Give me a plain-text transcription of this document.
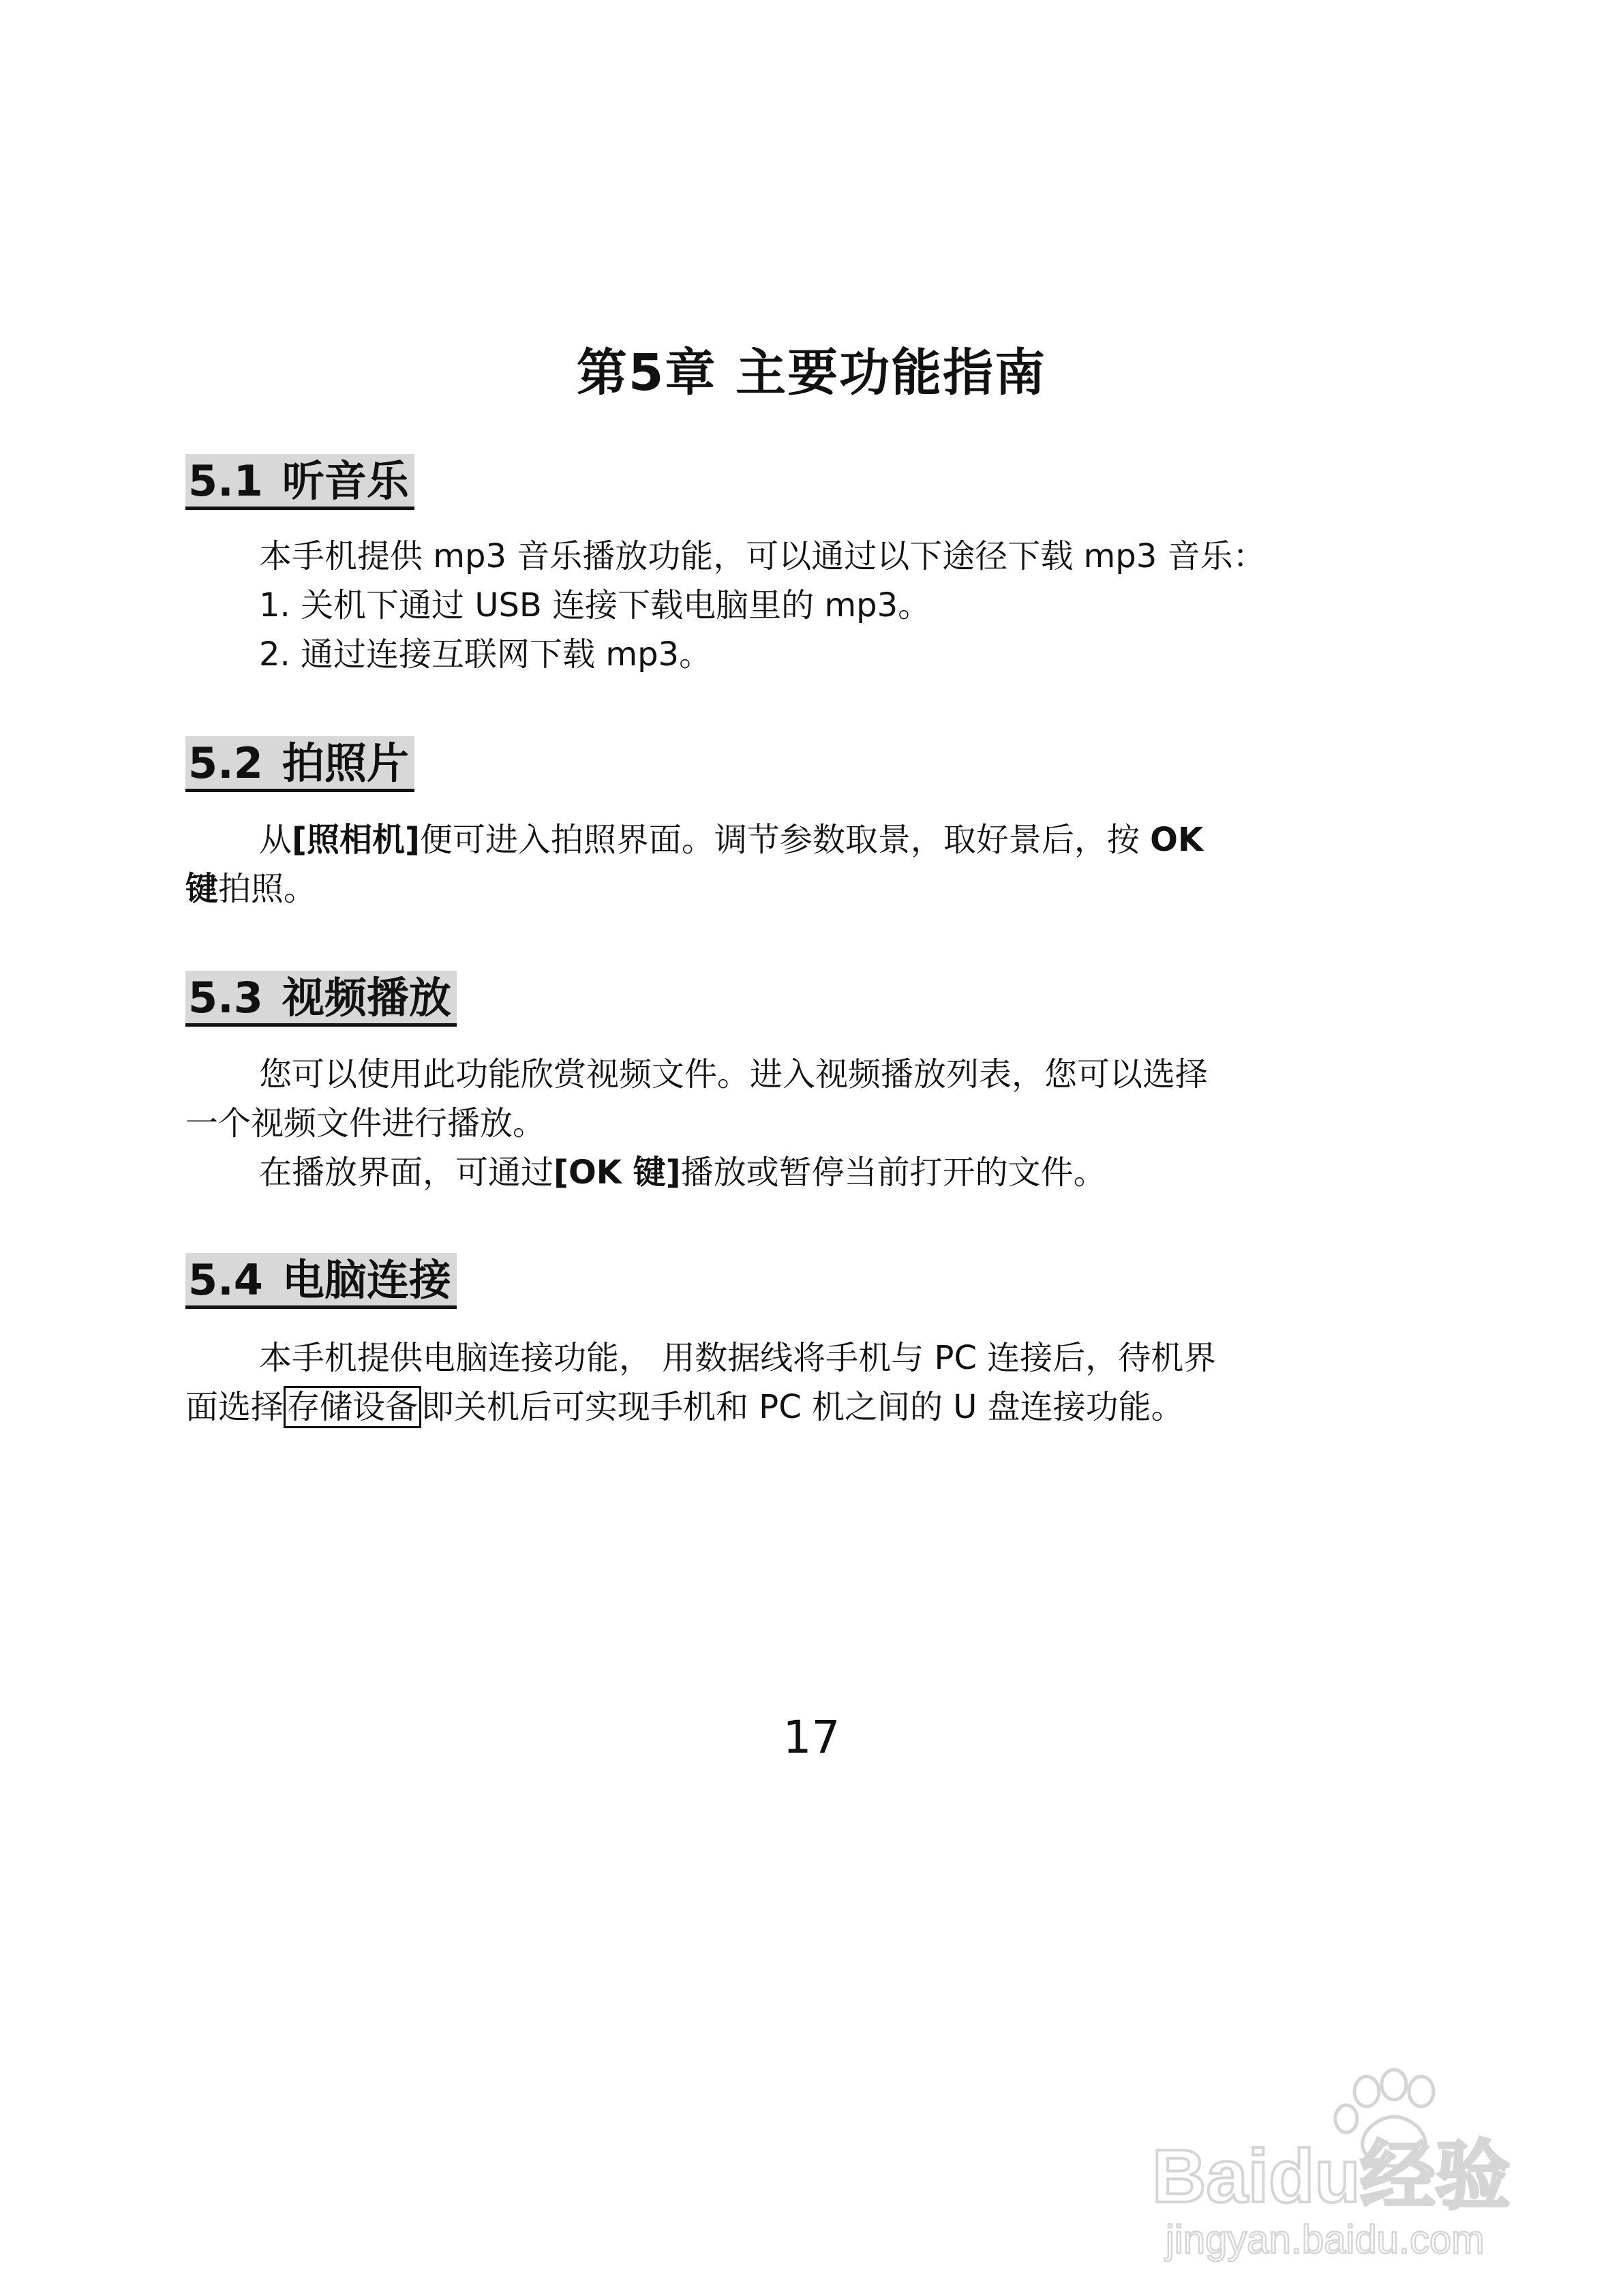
第5章 主要功能指南
5.1 听音乐
本手机提供 mp3 音乐播放功能，可以通过以下途径下载 mp3 音乐：
1. 关机下通过 USB 连接下载电脑里的 mp3。
2. 通过连接互联网下载 mp3。
5.2 拍照片
从[照相机]便可进入拍照界面。调节参数取景，取好景后，按 OK
键拍照。
5.3 视频播放
您可以使用此功能欣赏视频文件。进入视频播放列表，您可以选择
一个视频文件进行播放。
在播放界面，可通过[OK 键]播放或暂停当前打开的文件。
5.4 电脑连接
本手机提供电脑连接功能， 用数据线将手机与 PC 连接后，待机界
面选择 存储设备 即关机后可实现手机和 PC 机之间的 U 盘连接功能。
17
Baidu经验
jingyan.baidu.com
